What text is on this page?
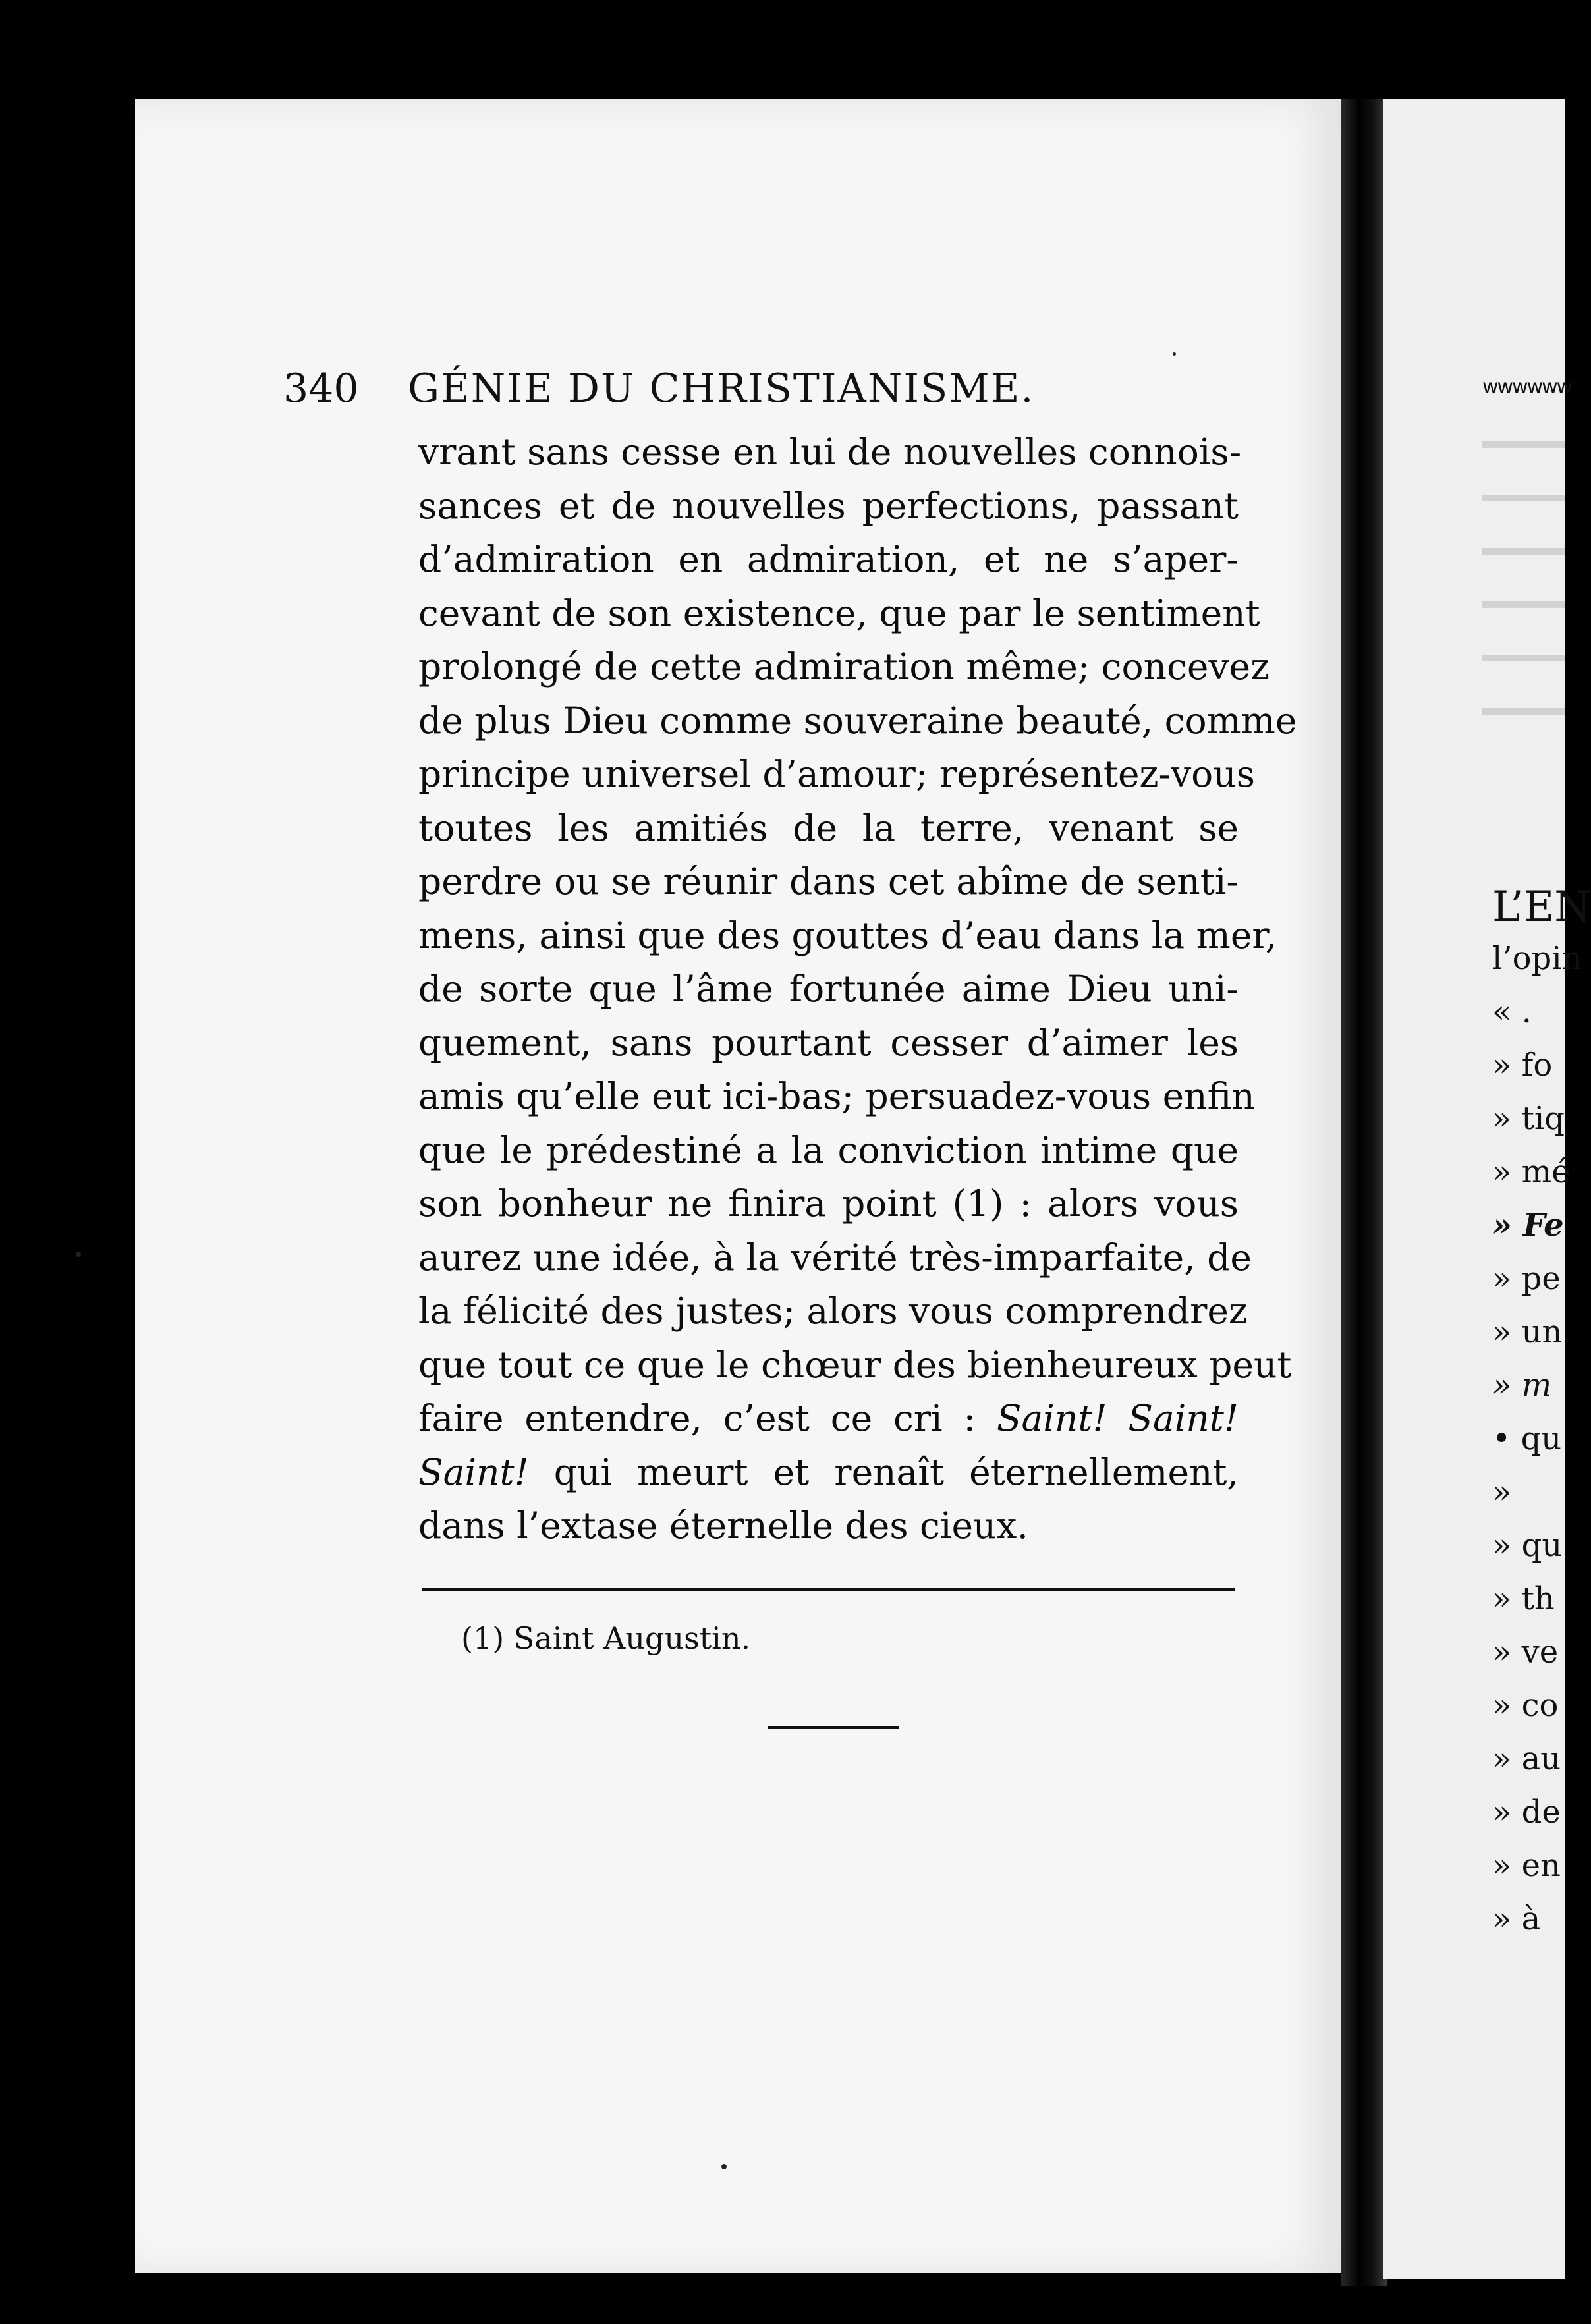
wwwwww
L’EN
l’opin
« .
» fo
» tiq
» mé
» Fe
» pe
» un
» m
• qu
»
» qu
» th
» ve
» co
» au
» de
» en
» à
340 GÉNIE DU CHRISTIANISME.
vrant sans cesse en lui de nouvelles connois-
sances et de nouvelles perfections, passant
d’admiration en admiration, et ne s’aper-
cevant de son existence, que par le sentiment
prolongé de cette admiration même; concevez
de plus Dieu comme souveraine beauté, comme
principe universel d’amour; représentez-vous
toutes les amitiés de la terre, venant se
perdre ou se réunir dans cet abîme de senti-
mens, ainsi que des gouttes d’eau dans la mer,
de sorte que l’âme fortunée aime Dieu uni-
quement, sans pourtant cesser d’aimer les
amis qu’elle eut ici-bas; persuadez-vous enfin
que le prédestiné a la conviction intime que
son bonheur ne finira point (1) : alors vous
aurez une idée, à la vérité très-imparfaite, de
la félicité des justes; alors vous comprendrez
que tout ce que le chœur des bienheureux peut
faire entendre, c’est ce cri : Saint! Saint!
Saint! qui meurt et renaît éternellement,
dans l’extase éternelle des cieux.
(1) Saint Augustin.
